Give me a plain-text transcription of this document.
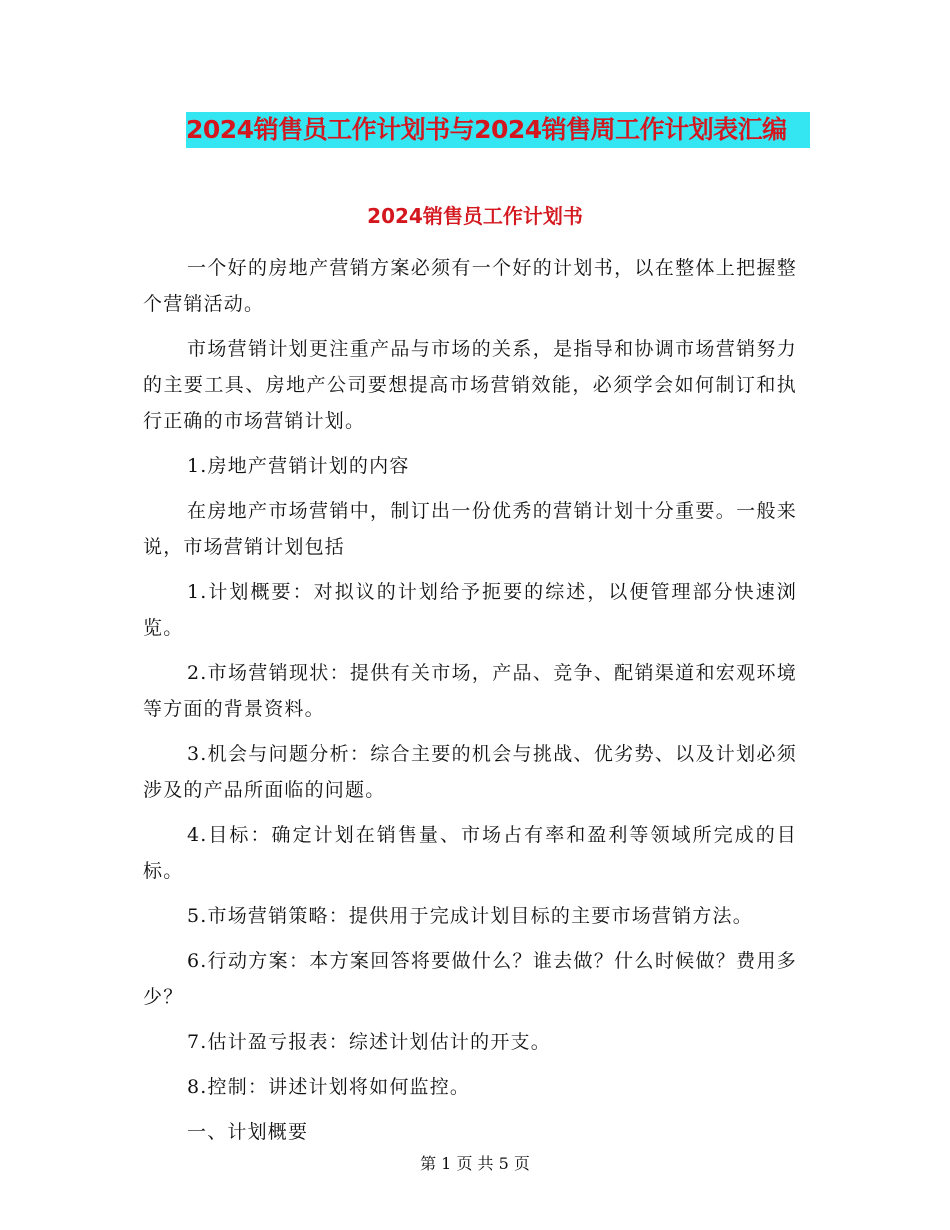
2024销售员工作计划书与2024销售周工作计划表汇编
2024销售员工作计划书

一个好的房地产营销方案必须有一个好的计划书，以在整体上把握整个营销活动。

市场营销计划更注重产品与市场的关系，是指导和协调市场营销努力的主要工具、房地产公司要想提高市场营销效能，必须学会如何制订和执行正确的市场营销计划。

1.房地产营销计划的内容

在房地产市场营销中，制订出一份优秀的营销计划十分重要。一般来说，市场营销计划包括

1.计划概要：对拟议的计划给予扼要的综述，以便管理部分快速浏览。

2.市场营销现状：提供有关市场，产品、竞争、配销渠道和宏观环境等方面的背景资料。

3.机会与问题分析：综合主要的机会与挑战、优劣势、以及计划必须涉及的产品所面临的问题。

4.目标：确定计划在销售量、市场占有率和盈利等领域所完成的目标。

5.市场营销策略：提供用于完成计划目标的主要市场营销方法。

6.行动方案：本方案回答将要做什么？谁去做？什么时候做？费用多少？

7.估计盈亏报表：综述计划估计的开支。

8.控制：讲述计划将如何监控。

一、计划概要

第 1 页 共 5 页
